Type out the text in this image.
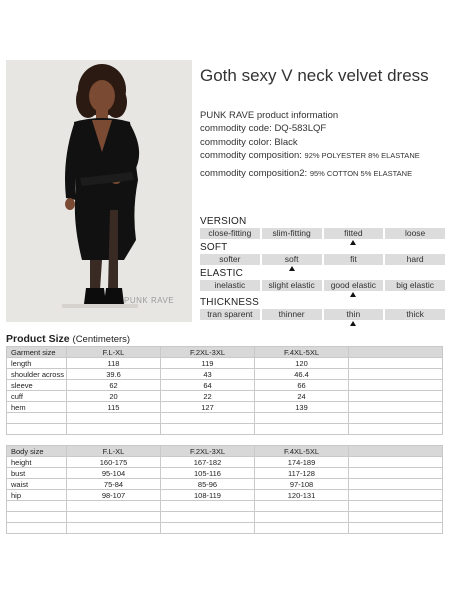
PUNK RAVE
Goth sexy V neck velvet dress
PUNK RAVE product information
commodity code: DQ-583LQF
commodity color: Black
commodity composition: 92% POLYESTER 8% ELASTANE
commodity composition2: 95% COTTON 5% ELASTANE
VERSION
close-fitting	slim-fitting	fitted	loose
SOFT
softer	soft	fit	hard
ELASTIC
inelastic	slight elastic	good elastic	big elastic
THICKNESS
tran sparent	thinner	thin	thick
Product Size (Centimeters)
Garment size	F.L-XL	F.2XL-3XL	F.4XL-5XL	
length	118	119	120	
shoulder across	39.6	43	46.4	
sleeve	62	64	66	
cuff	20	22	24	
hem	115	127	139	

Body size	F.L-XL	F.2XL-3XL	F.4XL-5XL	
height	160-175	167-182	174-189	
bust	95-104	105-116	117-128	
waist	75-84	85-96	97-108	
hip	98-107	108-119	120-131	
